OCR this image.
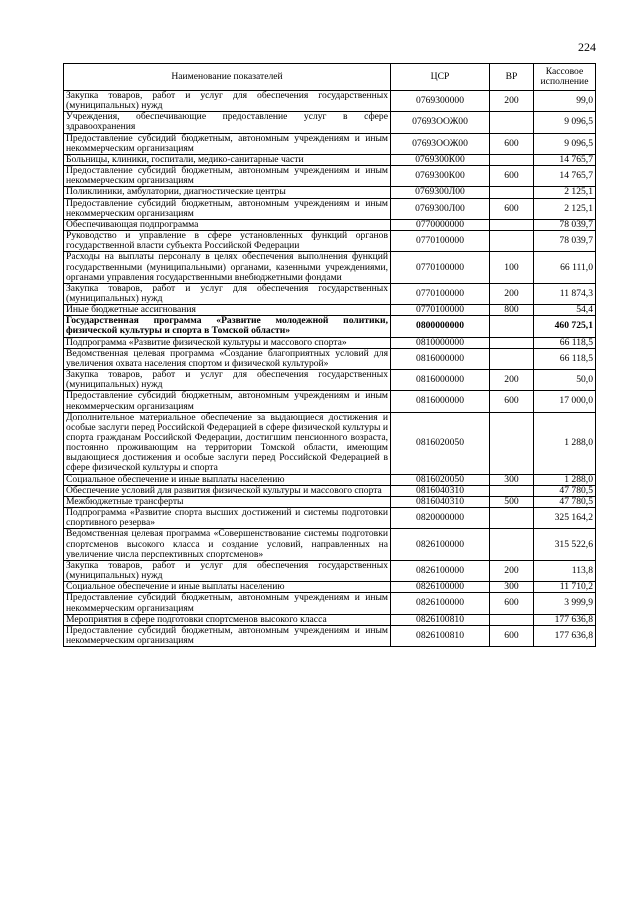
224
Наименование показателей	ЦСР	ВР	Кассовое исполнение
Закупка товаров, работ и услуг для обеспечения государственных (муниципальных) нужд	0769300000	200	99,0
Учреждения, обеспечивающие предоставление услуг в сфере здравоохранения	07693ООЖ00		9 096,5
Предоставление субсидий бюджетным, автономным учреждениям и иным некоммерческим организациям	07693ООЖ00	600	9 096,5
Больницы, клиники, госпитали, медико-санитарные части	0769300К00		14 765,7
Предоставление субсидий бюджетным, автономным учреждениям и иным некоммерческим организациям	0769300К00	600	14 765,7
Поликлиники, амбулатории, диагностические центры	0769300Л00		2 125,1
Предоставление субсидий бюджетным, автономным учреждениям и иным некоммерческим организациям	0769300Л00	600	2 125,1
Обеспечивающая подпрограмма	0770000000		78 039,7
Руководство и управление в сфере установленных функций органов государственной власти субъекта Российской Федерации	0770100000		78 039,7
Расходы на выплаты персоналу в целях обеспечения выполнения функций государственными (муниципальными) органами, казенными учреждениями, органами управления государственными внебюджетными фондами	0770100000	100	66 111,0
Закупка товаров, работ и услуг для обеспечения государственных (муниципальных) нужд	0770100000	200	11 874,3
Иные бюджетные ассигнования	0770100000	800	54,4
Государственная программа «Развитие молодежной политики, физической культуры и спорта в Томской области»	0800000000		460 725,1
Подпрограмма «Развитие физической культуры и массового спорта»	0810000000		66 118,5
Ведомственная целевая программа «Создание благоприятных условий для увеличения охвата населения спортом и физической культурой»	0816000000		66 118,5
Закупка товаров, работ и услуг для обеспечения государственных (муниципальных) нужд	0816000000	200	50,0
Предоставление субсидий бюджетным, автономным учреждениям и иным некоммерческим организациям	0816000000	600	17 000,0
Дополнительное материальное обеспечение за выдающиеся достижения и особые заслуги перед Российской Федерацией в сфере физической культуры и спорта гражданам Российской Федерации, достигшим пенсионного возраста, постоянно проживающим на территории Томской области, имеющим выдающиеся достижения и особые заслуги перед Российской Федерацией в сфере физической культуры и спорта	0816020050		1 288,0
Социальное обеспечение и иные выплаты населению	0816020050	300	1 288,0
Обеспечение условий для развития физической культуры и массового спорта	0816040310		47 780,5
Межбюджетные трансферты	0816040310	500	47 780,5
Подпрограмма «Развитие спорта высших достижений и системы подготовки спортивного резерва»	0820000000		325 164,2
Ведомственная целевая программа «Совершенствование системы подготовки спортсменов высокого класса и создание условий, направленных на увеличение числа перспективных спортсменов»	0826100000		315 522,6
Закупка товаров, работ и услуг для обеспечения государственных (муниципальных) нужд	0826100000	200	113,8
Социальное обеспечение и иные выплаты населению	0826100000	300	11 710,2
Предоставление субсидий бюджетным, автономным учреждениям и иным некоммерческим организациям	0826100000	600	3 999,9
Мероприятия в сфере подготовки спортсменов высокого класса	0826100810		177 636,8
Предоставление субсидий бюджетным, автономным учреждениям и иным некоммерческим организациям	0826100810	600	177 636,8
